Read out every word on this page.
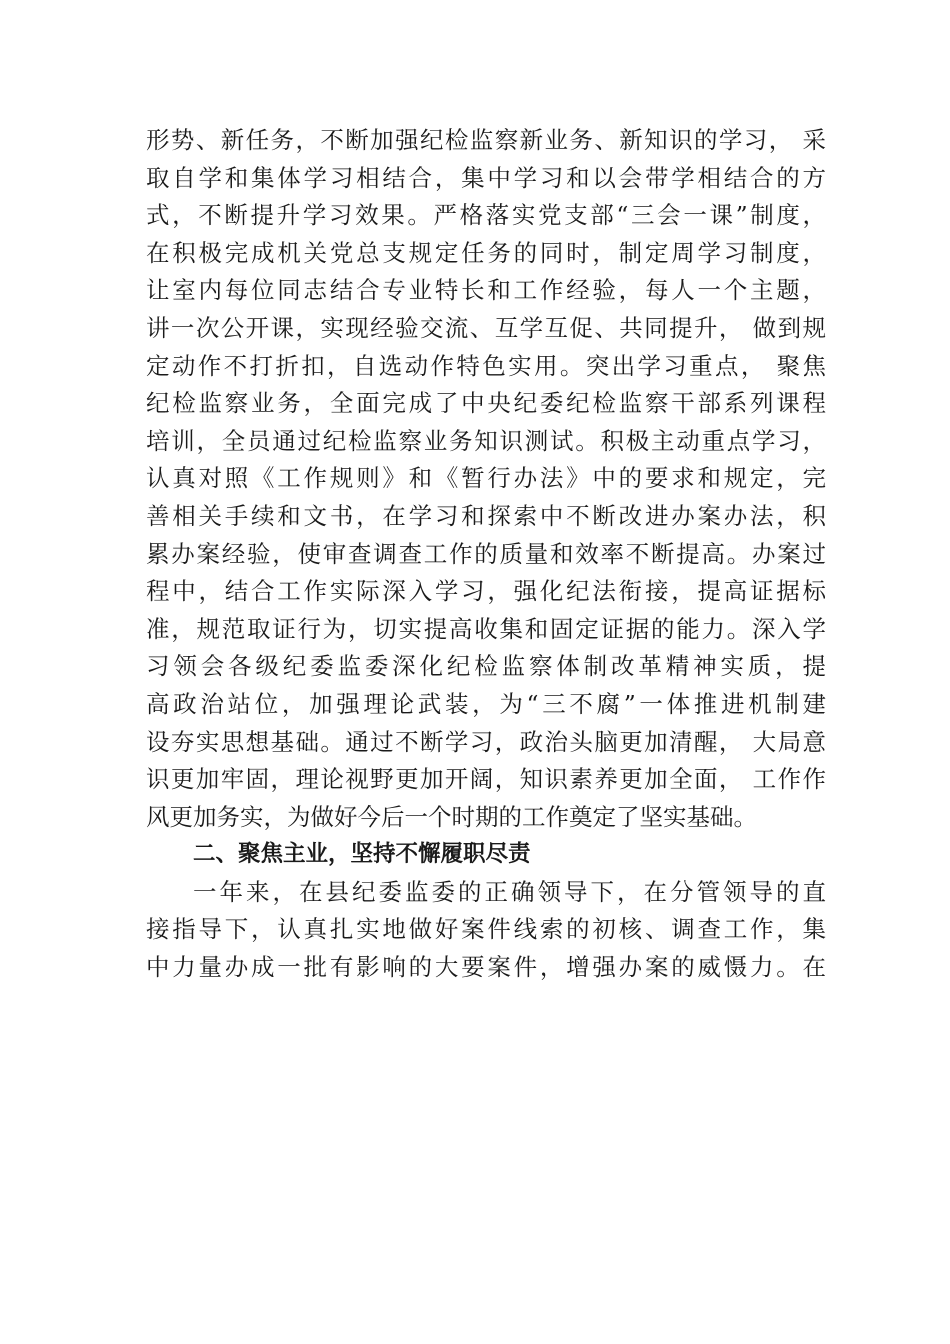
形势、新任务，不断加强纪检监察新业务、新知识的学习， 采
取自学和集体学习相结合，集中学习和以会带学相结合的方
式，不断提升学习效果。严格落实党支部“三会一课”制度，
在积极完成机关党总支规定任务的同时，制定周学习制度，
让室内每位同志结合专业特长和工作经验，每人一个主题，
讲一次公开课，实现经验交流、互学互促、共同提升， 做到规
定动作不打折扣，自选动作特色实用。突出学习重点， 聚焦
纪检监察业务，全面完成了中央纪委纪检监察干部系列课程
培训，全员通过纪检监察业务知识测试。积极主动重点学习，
认真对照《工作规则》和《暂行办法》中的要求和规定，完
善相关手续和文书，在学习和探索中不断改进办案办法，积
累办案经验，使审查调查工作的质量和效率不断提高。办案过
程中，结合工作实际深入学习，强化纪法衔接，提高证据标
准，规范取证行为，切实提高收集和固定证据的能力。深入学
习领会各级纪委监委深化纪检监察体制改革精神实质，提
高政治站位，加强理论武装，为“三不腐”一体推进机制建
设夯实思想基础。通过不断学习，政治头脑更加清醒， 大局意
识更加牢固，理论视野更加开阔，知识素养更加全面， 工作作
风更加务实，为做好今后一个时期的工作奠定了坚实基础。
二、聚焦主业，坚持不懈履职尽责
一年来，在县纪委监委的正确领导下，在分管领导的直
接指导下，认真扎实地做好案件线索的初核、调查工作，集
中力量办成一批有影响的大要案件，增强办案的威慑力。在
